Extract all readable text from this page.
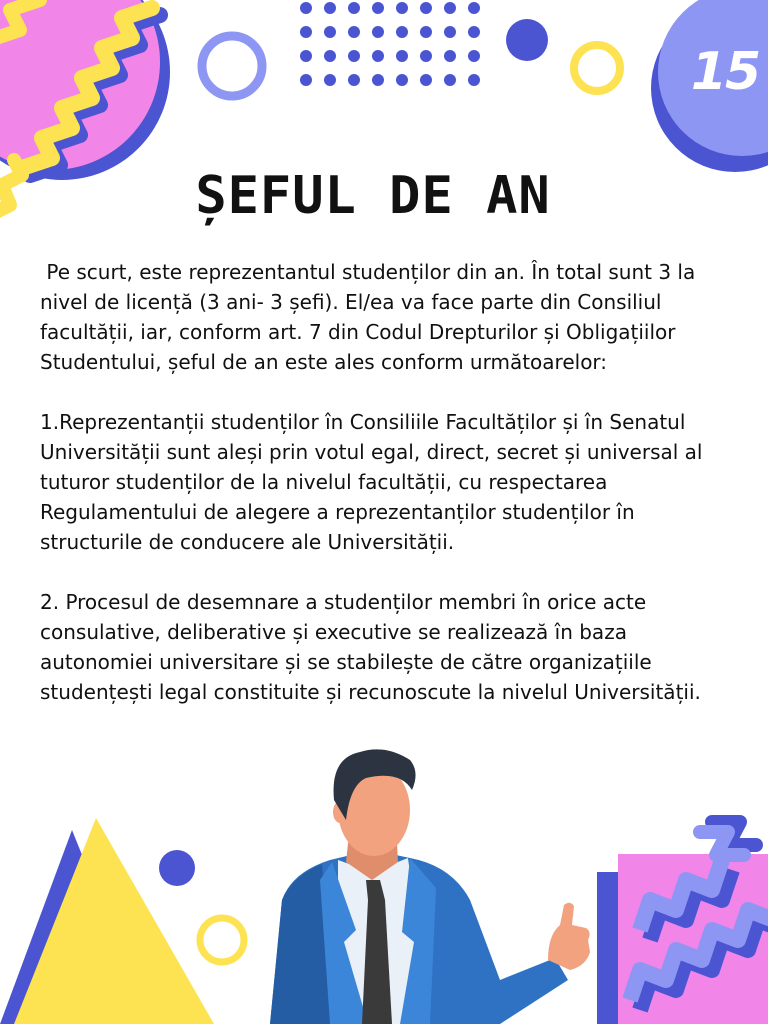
15
ȘEFUL DE AN

Pe scurt, este reprezentantul studenților din an. În total sunt 3 la nivel de licență (3 ani- 3 șefi). El/ea va face parte din Consiliul facultății, iar, conform art. 7 din Codul Drepturilor și Obligațiilor Studentului, șeful de an este ales conform următoarelor:

1.Reprezentanții studenților în Consiliile Facultăților și în Senatul Universității sunt aleși prin votul egal, direct, secret și universal al tuturor studenților de la nivelul facultății, cu respectarea Regulamentului de alegere a reprezentanților studenților în structurile de conducere ale Universității.

2. Procesul de desemnare a studenților membri în orice acte consulative, deliberative și executive se realizează în baza autonomiei universitare și se stabilește de către organizațiile studențești legal constituite și recunoscute la nivelul Universității.
